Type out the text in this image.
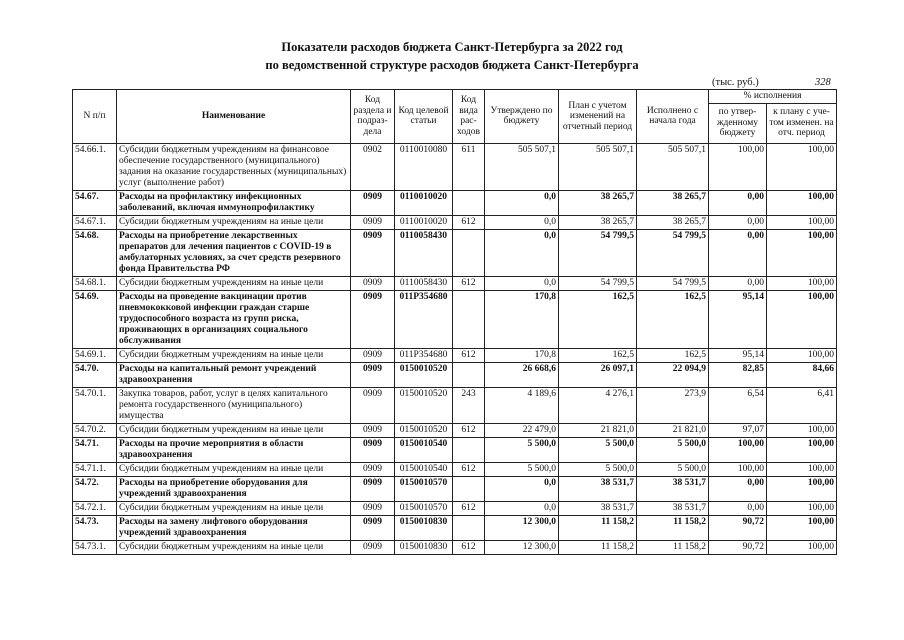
Показатели расходов бюджета Санкт-Петербурга за 2022 год
по ведомственной структуре расходов бюджета Санкт-Петербурга
(тыс. руб.)	328
N п/п	Наименование	Код раздела и подраз-дела	Код целевой статьи	Код вида рас-ходов	Утверждено по бюджету	План с учетом изменений на отчетный период	Исполнено с начала года	% исполнения	
								по утвер-жденному бюджету	к плану с уче-том изменен. на отч. период
54.66.1.	Субсидии бюджетным учреждениям на финансовое обеспечение государственного (муниципального) задания на оказание государственных (муниципальных) услуг (выполнение работ)	0902	0110010080	611	505 507,1	505 507,1	505 507,1	100,00	100,00
54.67.	Расходы на профилактику инфекционных заболеваний, включая иммунопрофилактику	0909	0110010020		0,0	38 265,7	38 265,7	0,00	100,00
54.67.1.	Субсидии бюджетным учреждениям на иные цели	0909	0110010020	612	0,0	38 265,7	38 265,7	0,00	100,00
54.68.	Расходы на приобретение лекарственных препаратов для лечения пациентов с COVID-19 в амбулаторных условиях, за счет средств резервного фонда Правительства РФ	0909	0110058430		0,0	54 799,5	54 799,5	0,00	100,00
54.68.1.	Субсидии бюджетным учреждениям на иные цели	0909	0110058430	612	0,0	54 799,5	54 799,5	0,00	100,00
54.69.	Расходы на проведение вакцинации против пневмококковой инфекции граждан старше трудоспособного возраста из групп риска, проживающих в организациях социального обслуживания	0909	011P354680		170,8	162,5	162,5	95,14	100,00
54.69.1.	Субсидии бюджетным учреждениям на иные цели	0909	011P354680	612	170,8	162,5	162,5	95,14	100,00
54.70.	Расходы на капитальный ремонт учреждений здравоохранения	0909	0150010520		26 668,6	26 097,1	22 094,9	82,85	84,66
54.70.1.	Закупка товаров, работ, услуг в целях капитального ремонта государственного (муниципального) имущества	0909	0150010520	243	4 189,6	4 276,1	273,9	6,54	6,41
54.70.2.	Субсидии бюджетным учреждениям на иные цели	0909	0150010520	612	22 479,0	21 821,0	21 821,0	97,07	100,00
54.71.	Расходы на прочие мероприятия в области здравоохранения	0909	0150010540		5 500,0	5 500,0	5 500,0	100,00	100,00
54.71.1.	Субсидии бюджетным учреждениям на иные цели	0909	0150010540	612	5 500,0	5 500,0	5 500,0	100,00	100,00
54.72.	Расходы на приобретение оборудования для учреждений здравоохранения	0909	0150010570		0,0	38 531,7	38 531,7	0,00	100,00
54.72.1.	Субсидии бюджетным учреждениям на иные цели	0909	0150010570	612	0,0	38 531,7	38 531,7	0,00	100,00
54.73.	Расходы на замену лифтового оборудования учреждений здравоохранения	0909	0150010830		12 300,0	11 158,2	11 158,2	90,72	100,00
54.73.1.	Субсидии бюджетным учреждениям на иные цели	0909	0150010830	612	12 300,0	11 158,2	11 158,2	90,72	100,00
